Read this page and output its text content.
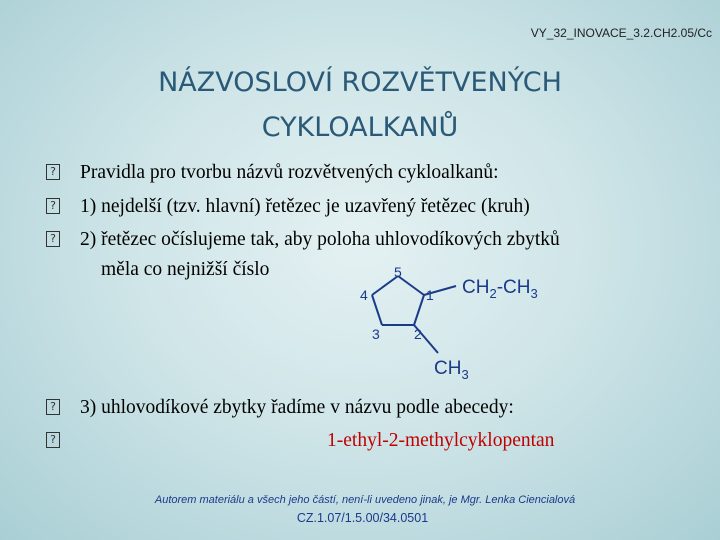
VY_32_INOVACE_3.2.CH2.05/Cc
NÁZVOSLOVÍ ROZVĚTVENÝCH
CYKLOALKANŮ
? Pravidla pro tvorbu názvů rozvětvených cykloalkanů:
? 1) nejdelší (tzv. hlavní) řetězec je uzavřený řetězec (kruh)
? 2) řetězec očíslujeme tak, aby poloha uhlovodíkových zbytků
měla co nejnižší číslo	5
1
2
3
4	$CH_2-CH_3$
$CH_3$
? 3) uhlovodíkové zbytky řadíme v názvu podle abecedy:
?	1-ethyl-2-methylcyklopentan
Autorem materiálu a všech jeho částí, není-li uvedeno jinak, je Mgr. Lenka Ciencialová
CZ.1.07/1.5.00/34.0501
